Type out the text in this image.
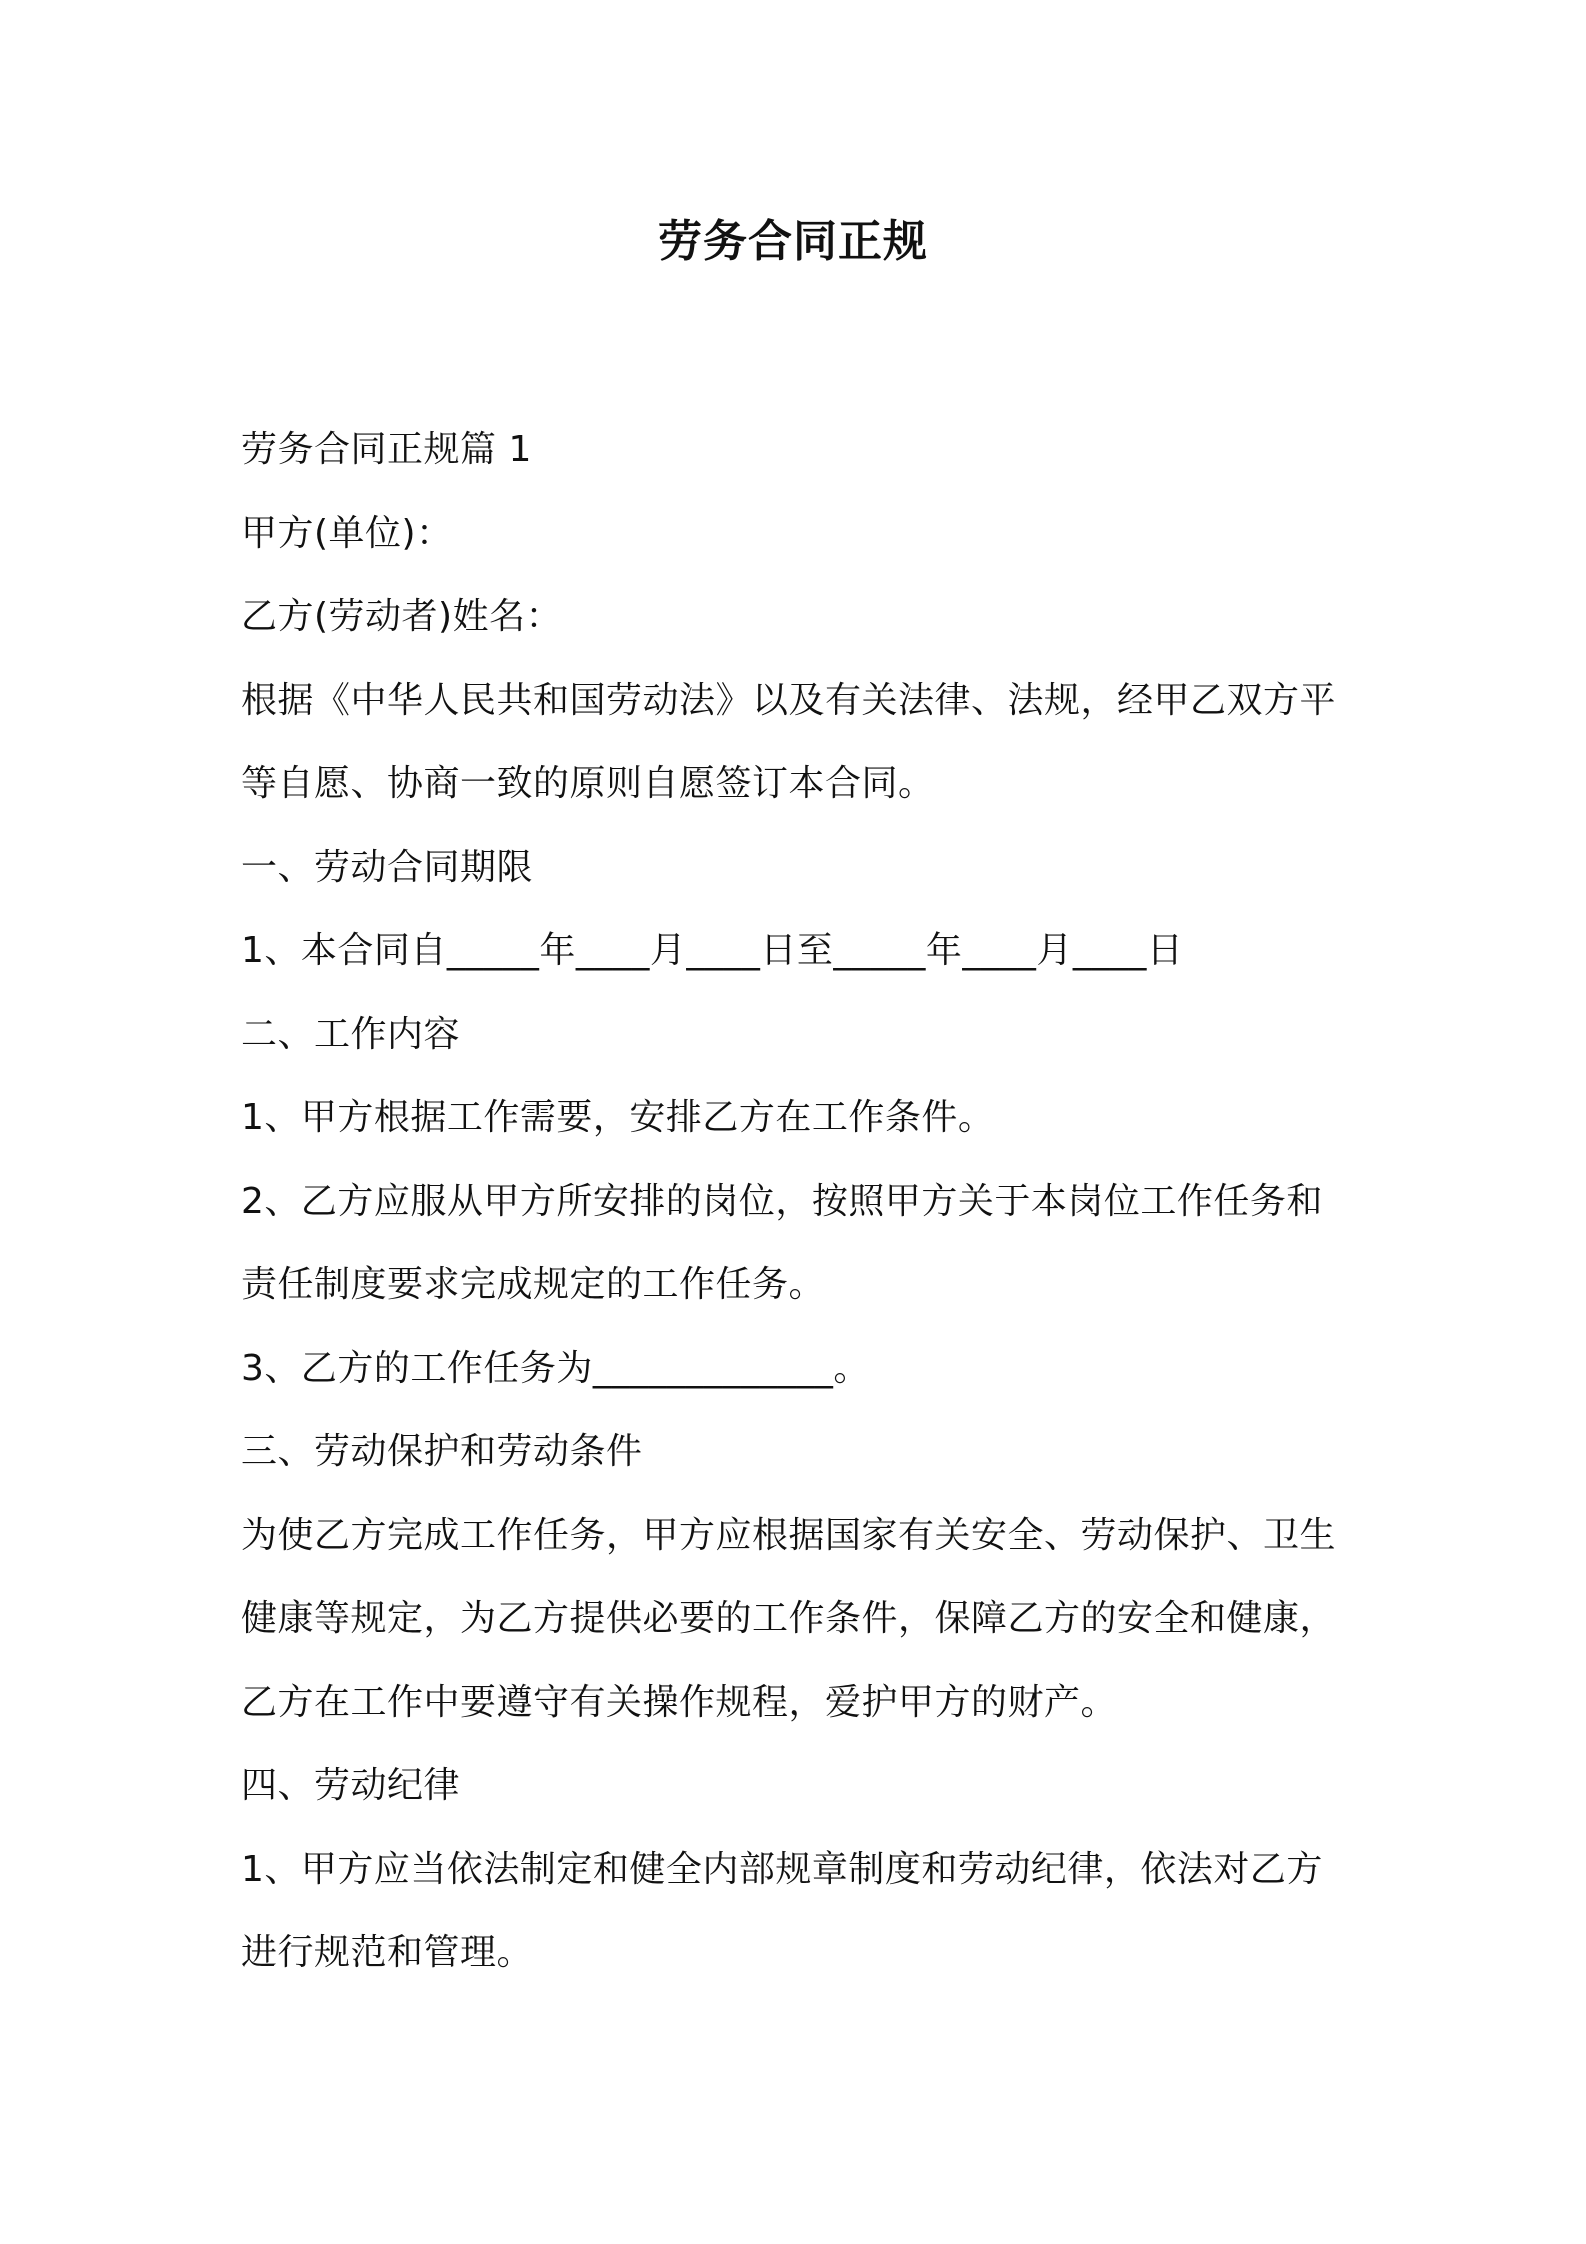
劳务合同正规
劳务合同正规篇 1
甲方(单位)：
乙方(劳动者)姓名：
根据《中华人民共和国劳动法》以及有关法律、法规，经甲乙双方平
等自愿、协商一致的原则自愿签订本合同。
一、劳动合同期限
1、本合同自_____年____月____日至_____年____月____日
二、工作内容
1、甲方根据工作需要，安排乙方在工作条件。
2、乙方应服从甲方所安排的岗位，按照甲方关于本岗位工作任务和
责任制度要求完成规定的工作任务。
3、乙方的工作任务为_____________。
三、劳动保护和劳动条件
为使乙方完成工作任务，甲方应根据国家有关安全、劳动保护、卫生
健康等规定，为乙方提供必要的工作条件，保障乙方的安全和健康，
乙方在工作中要遵守有关操作规程，爱护甲方的财产。
四、劳动纪律
1、甲方应当依法制定和健全内部规章制度和劳动纪律，依法对乙方
进行规范和管理。
